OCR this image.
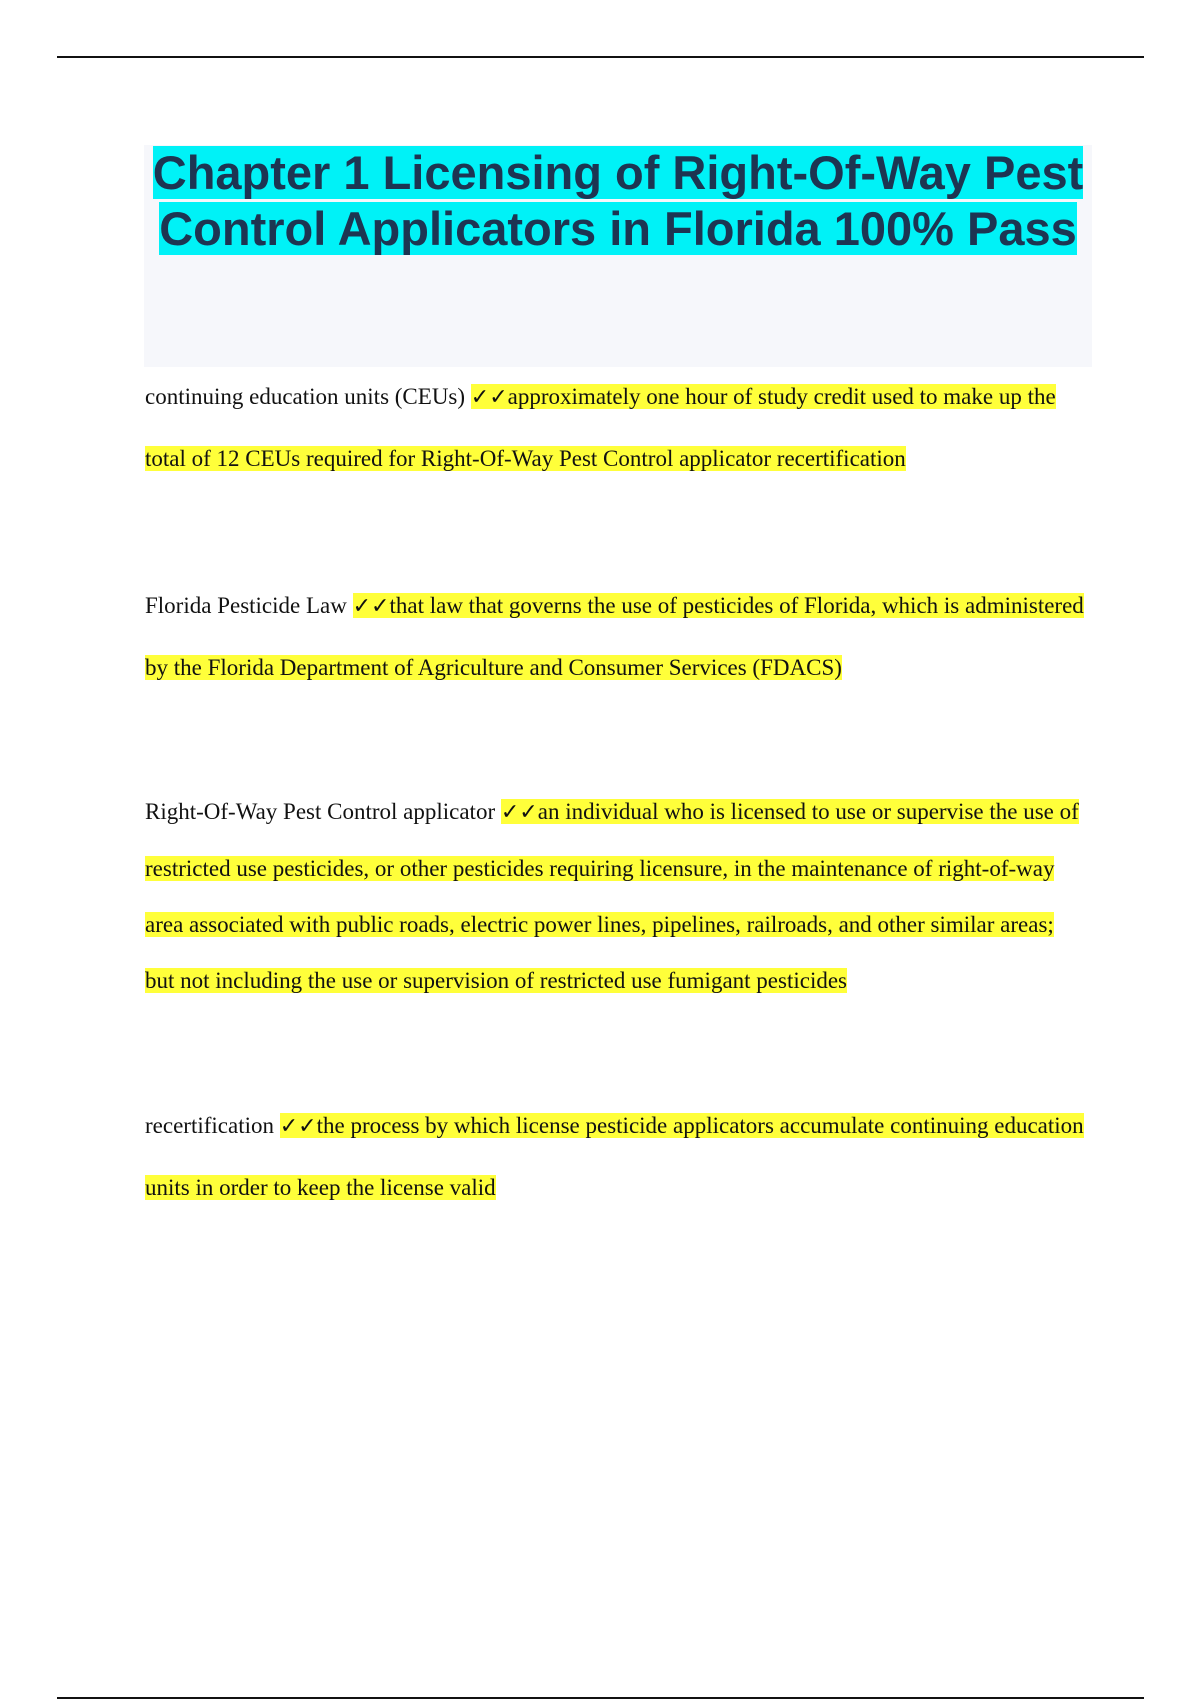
Chapter 1 Licensing of Right-Of-Way Pest Control Applicators in Florida 100% Pass

continuing education units (CEUs) ✓✓approximately one hour of study credit used to make up the total of 12 CEUs required for Right-Of-Way Pest Control applicator recertification

Florida Pesticide Law ✓✓that law that governs the use of pesticides of Florida, which is administered by the Florida Department of Agriculture and Consumer Services (FDACS)

Right-Of-Way Pest Control applicator ✓✓an individual who is licensed to use or supervise the use of restricted use pesticides, or other pesticides requiring licensure, in the maintenance of right-of-way area associated with public roads, electric power lines, pipelines, railroads, and other similar areas; but not including the use or supervision of restricted use fumigant pesticides

recertification ✓✓the process by which license pesticide applicators accumulate continuing education units in order to keep the license valid
